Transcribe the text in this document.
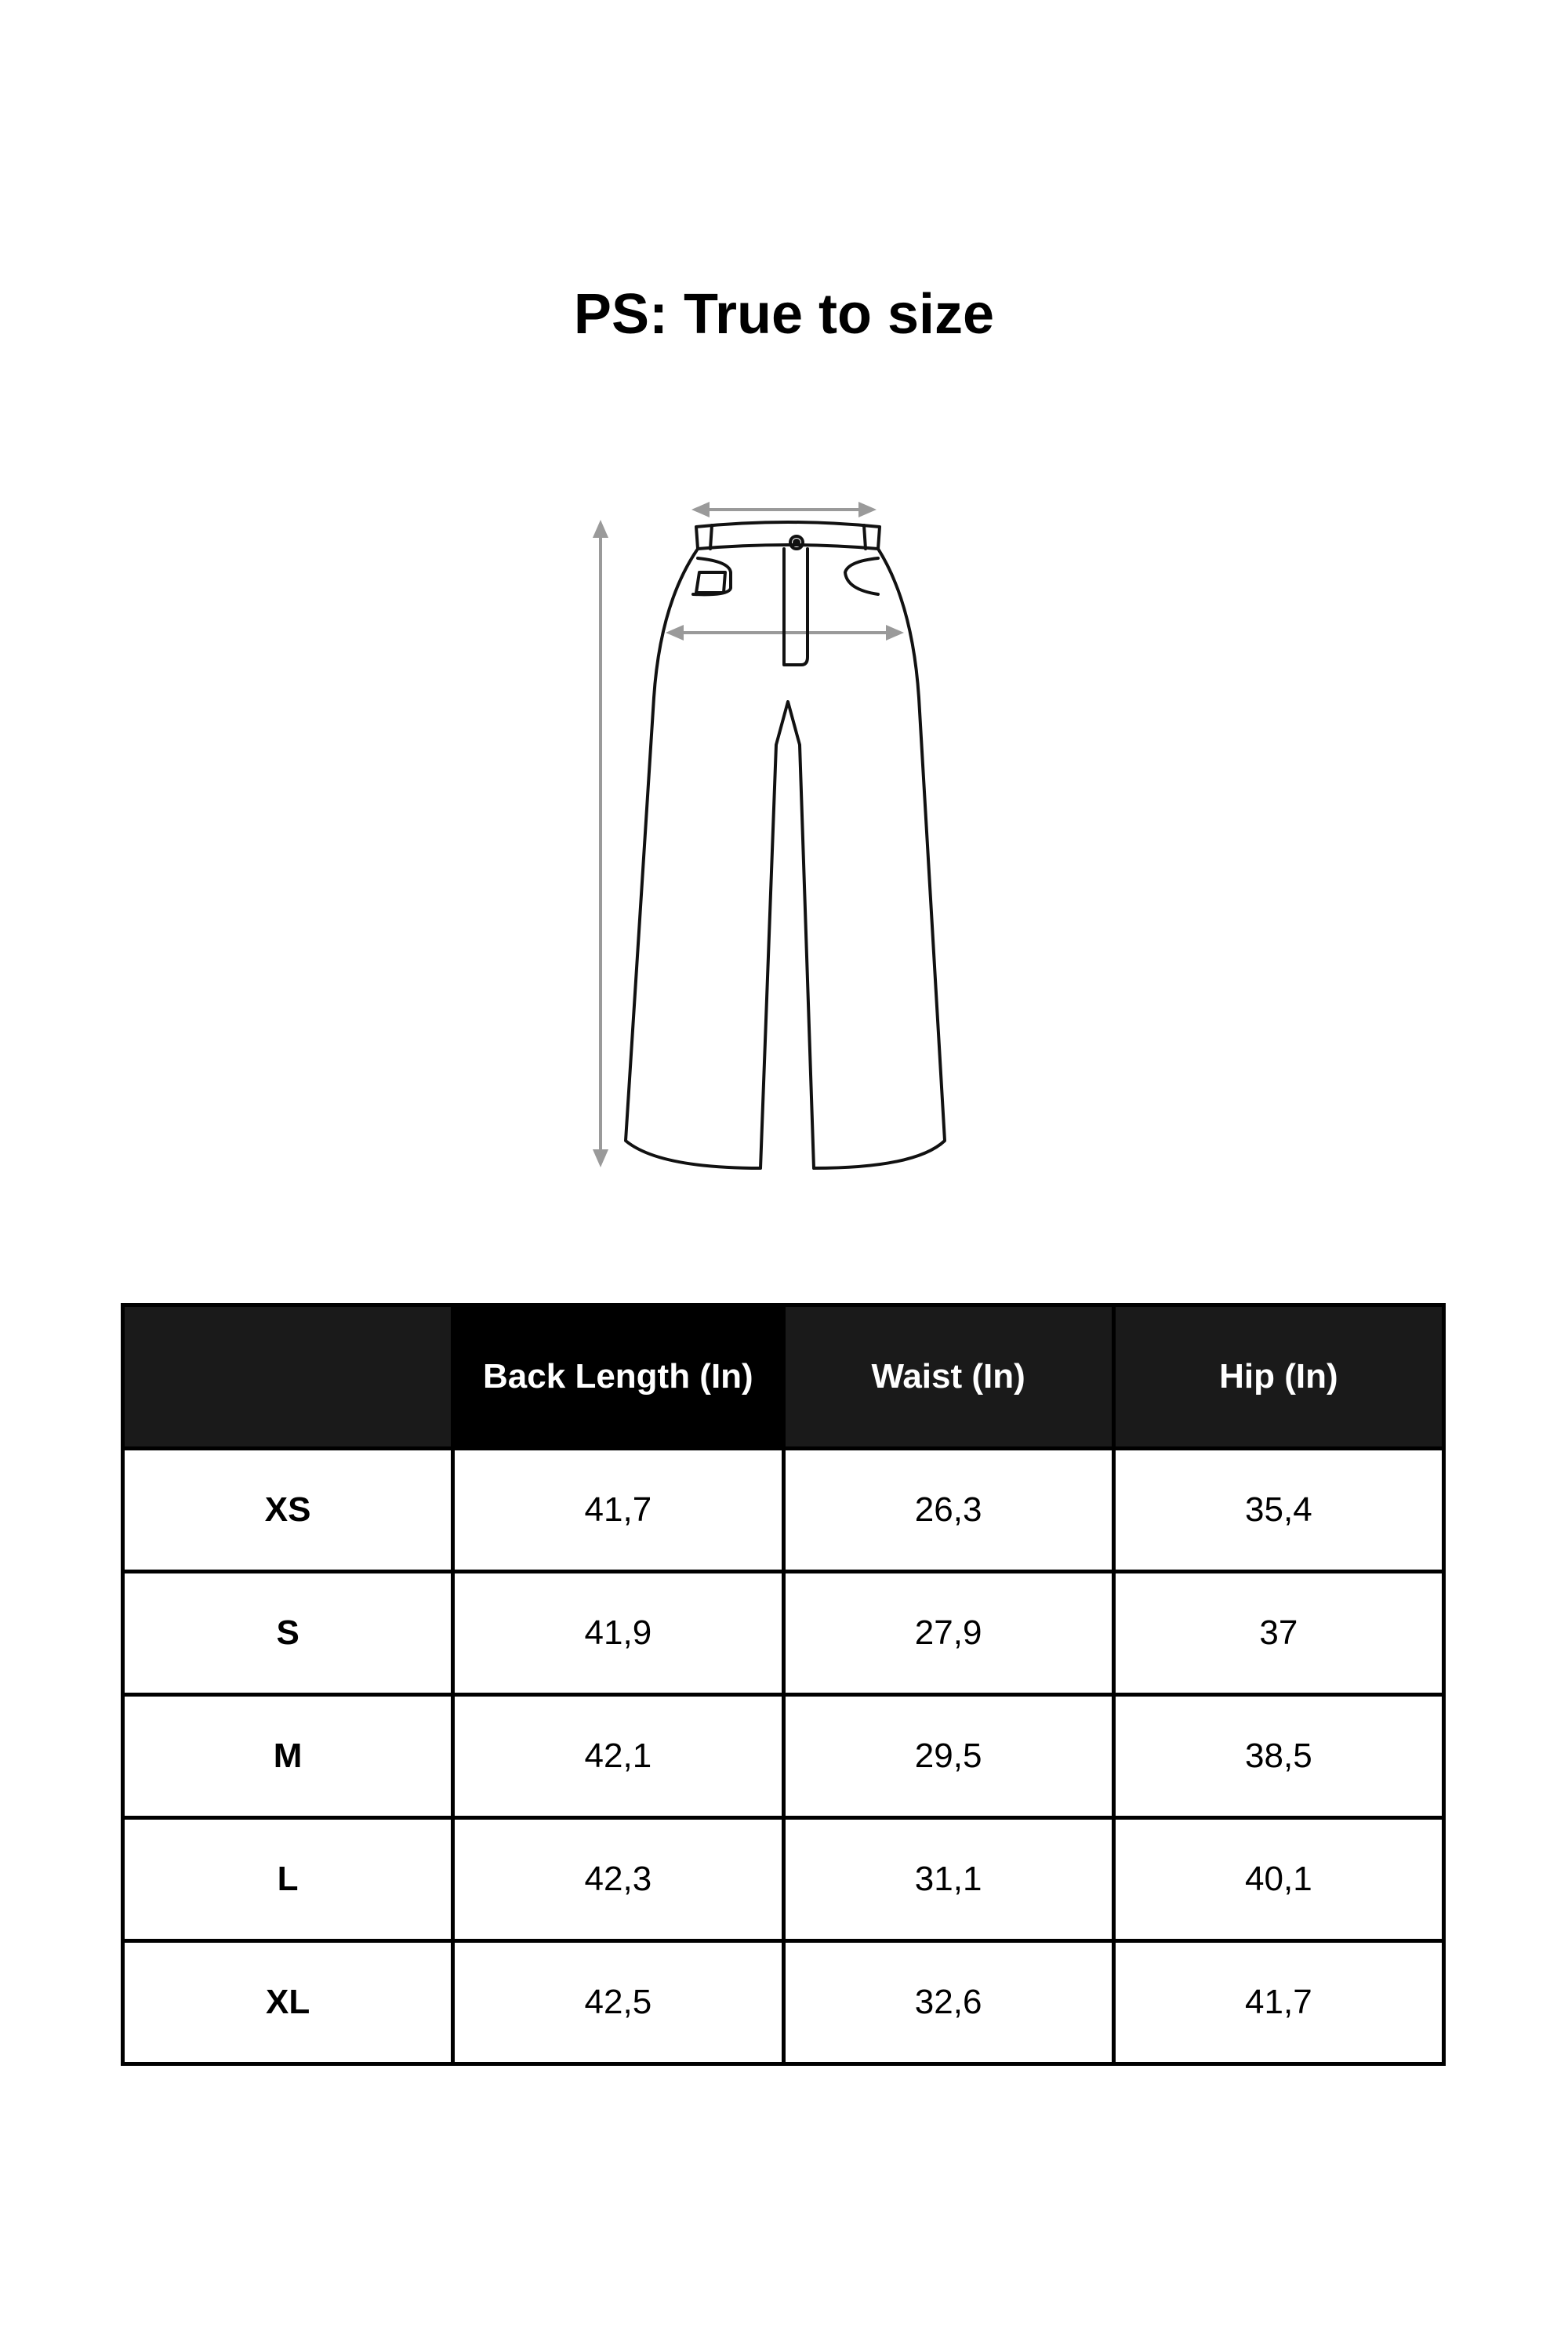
PS: True to size
	Back Length (In)	Waist (In)	Hip (In)
XS	41,7	26,3	35,4
S	41,9	27,9	37
M	42,1	29,5	38,5
L	42,3	31,1	40,1
XL	42,5	32,6	41,7
